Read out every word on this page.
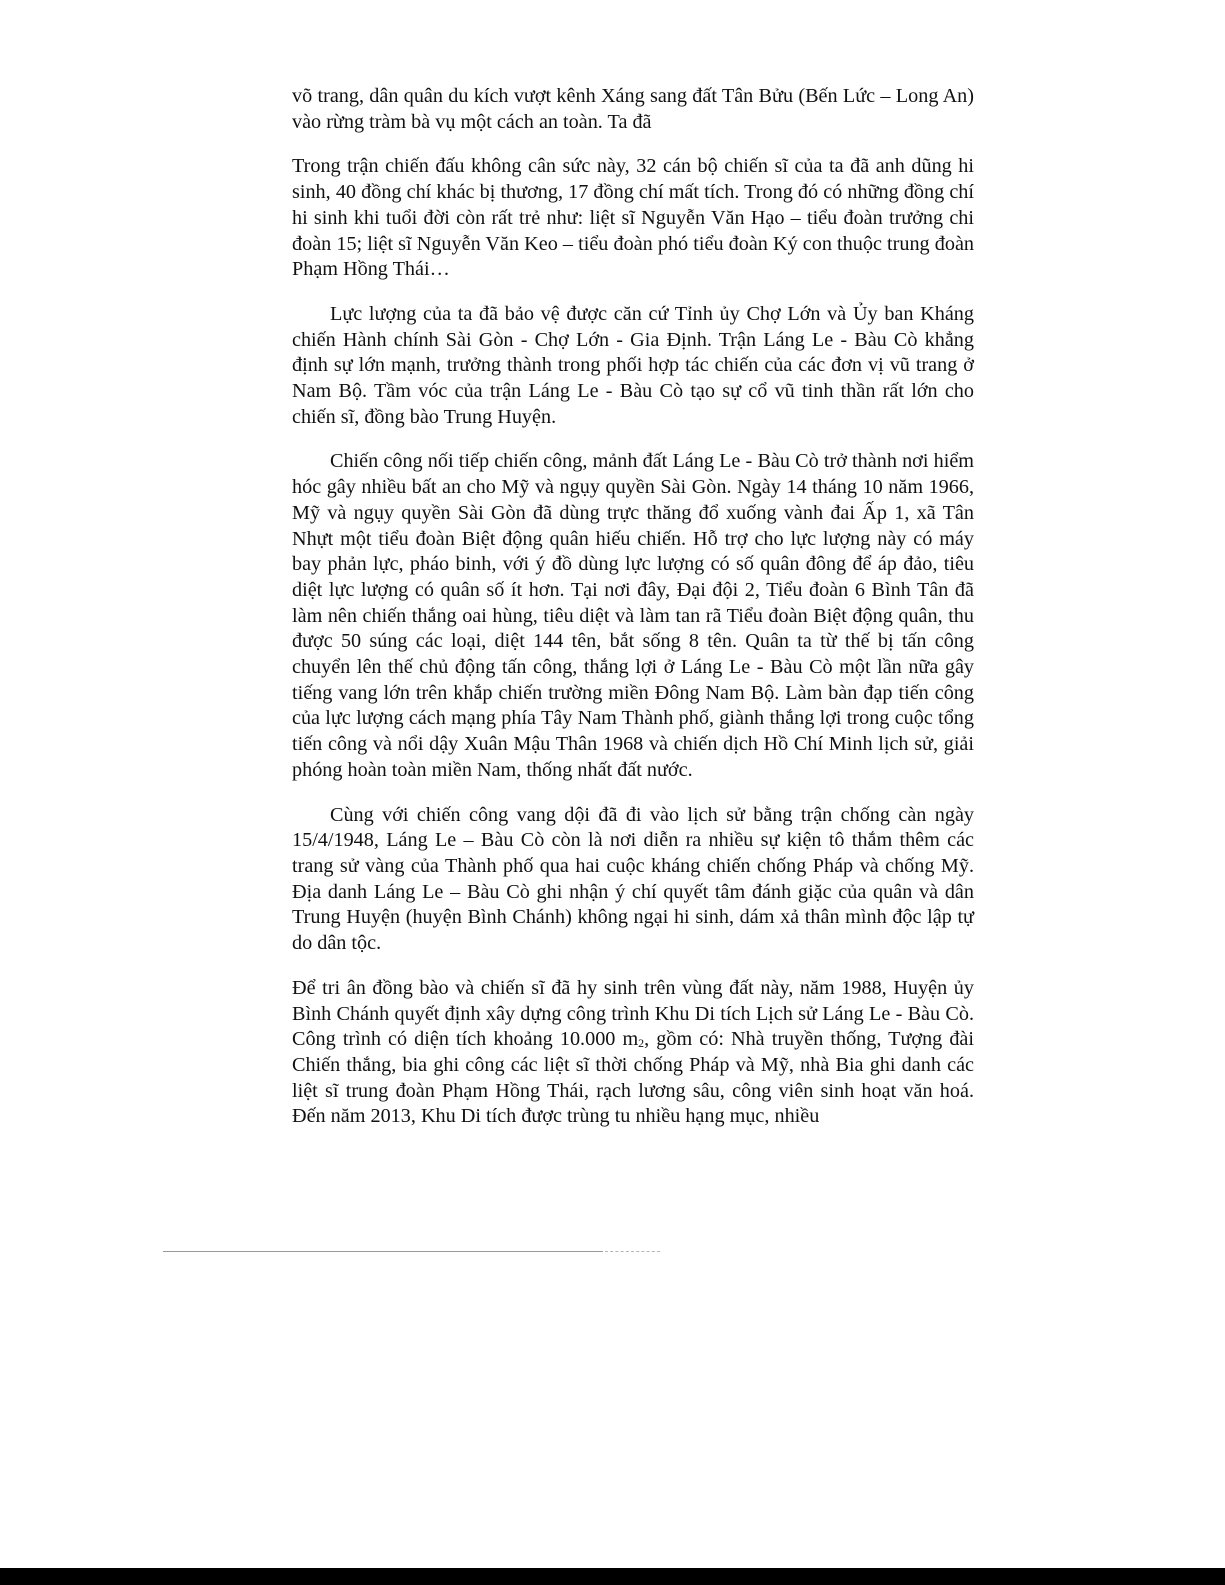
võ trang, dân quân du kích vượt kênh Xáng sang đất Tân Bửu (Bến Lức – Long An) vào rừng tràm bà vụ một cách an toàn. Ta đã

Trong trận chiến đấu không cân sức này, 32 cán bộ chiến sĩ của ta đã anh dũng hi sinh, 40 đồng chí khác bị thương, 17 đồng chí mất tích. Trong đó có những đồng chí hi sinh khi tuổi đời còn rất trẻ như: liệt sĩ Nguyễn Văn Hạo – tiểu đoàn trưởng chi đoàn 15; liệt sĩ Nguyễn Văn Keo – tiểu đoàn phó tiểu đoàn Ký con thuộc trung đoàn Phạm Hồng Thái…

Lực lượng của ta đã bảo vệ được căn cứ Tỉnh ủy Chợ Lớn và Ủy ban Kháng chiến Hành chính Sài Gòn - Chợ Lớn - Gia Định. Trận Láng Le - Bàu Cò khẳng định sự lớn mạnh, trưởng thành trong phối hợp tác chiến của các đơn vị vũ trang ở Nam Bộ. Tầm vóc của trận Láng Le - Bàu Cò tạo sự cổ vũ tinh thần rất lớn cho chiến sĩ, đồng bào Trung Huyện.

Chiến công nối tiếp chiến công, mảnh đất Láng Le - Bàu Cò trở thành nơi hiểm hóc gây nhiều bất an cho Mỹ và ngụy quyền Sài Gòn. Ngày 14 tháng 10 năm 1966, Mỹ và ngụy quyền Sài Gòn đã dùng trực thăng đổ xuống vành đai Ấp 1, xã Tân Nhựt một tiểu đoàn Biệt động quân hiếu chiến. Hỗ trợ cho lực lượng này có máy bay phản lực, pháo binh, với ý đồ dùng lực lượng có số quân đông để áp đảo, tiêu diệt lực lượng có quân số ít hơn. Tại nơi đây, Đại đội 2, Tiểu đoàn 6 Bình Tân đã làm nên chiến thắng oai hùng, tiêu diệt và làm tan rã Tiểu đoàn Biệt động quân, thu được 50 súng các loại, diệt 144 tên, bắt sống 8 tên. Quân ta từ thế bị tấn công chuyển lên thế chủ động tấn công, thắng lợi ở Láng Le - Bàu Cò một lần nữa gây tiếng vang lớn trên khắp chiến trường miền Đông Nam Bộ. Làm bàn đạp tiến công của lực lượng cách mạng phía Tây Nam Thành phố, giành thắng lợi trong cuộc tổng tiến công và nổi dậy Xuân Mậu Thân 1968 và chiến dịch Hồ Chí Minh lịch sử, giải phóng hoàn toàn miền Nam, thống nhất đất nước.

Cùng với chiến công vang dội đã đi vào lịch sử bằng trận chống càn ngày 15/4/1948, Láng Le – Bàu Cò còn là nơi diễn ra nhiều sự kiện tô thắm thêm các trang sử vàng của Thành phố qua hai cuộc kháng chiến chống Pháp và chống Mỹ. Địa danh Láng Le – Bàu Cò ghi nhận ý chí quyết tâm đánh giặc của quân và dân Trung Huyện (huyện Bình Chánh) không ngại hi sinh, dám xả thân mình độc lập tự do dân tộc.

Để tri ân đồng bào và chiến sĩ đã hy sinh trên vùng đất này, năm 1988, Huyện ủy Bình Chánh quyết định xây dựng công trình Khu Di tích Lịch sử Láng Le - Bàu Cò. Công trình có diện tích khoảng 10.000 m2, gồm có: Nhà truyền thống, Tượng đài Chiến thắng, bia ghi công các liệt sĩ thời chống Pháp và Mỹ, nhà Bia ghi danh các liệt sĩ trung đoàn Phạm Hồng Thái, rạch lương sâu, công viên sinh hoạt văn hoá. Đến năm 2013, Khu Di tích được trùng tu nhiều hạng mục, nhiều
